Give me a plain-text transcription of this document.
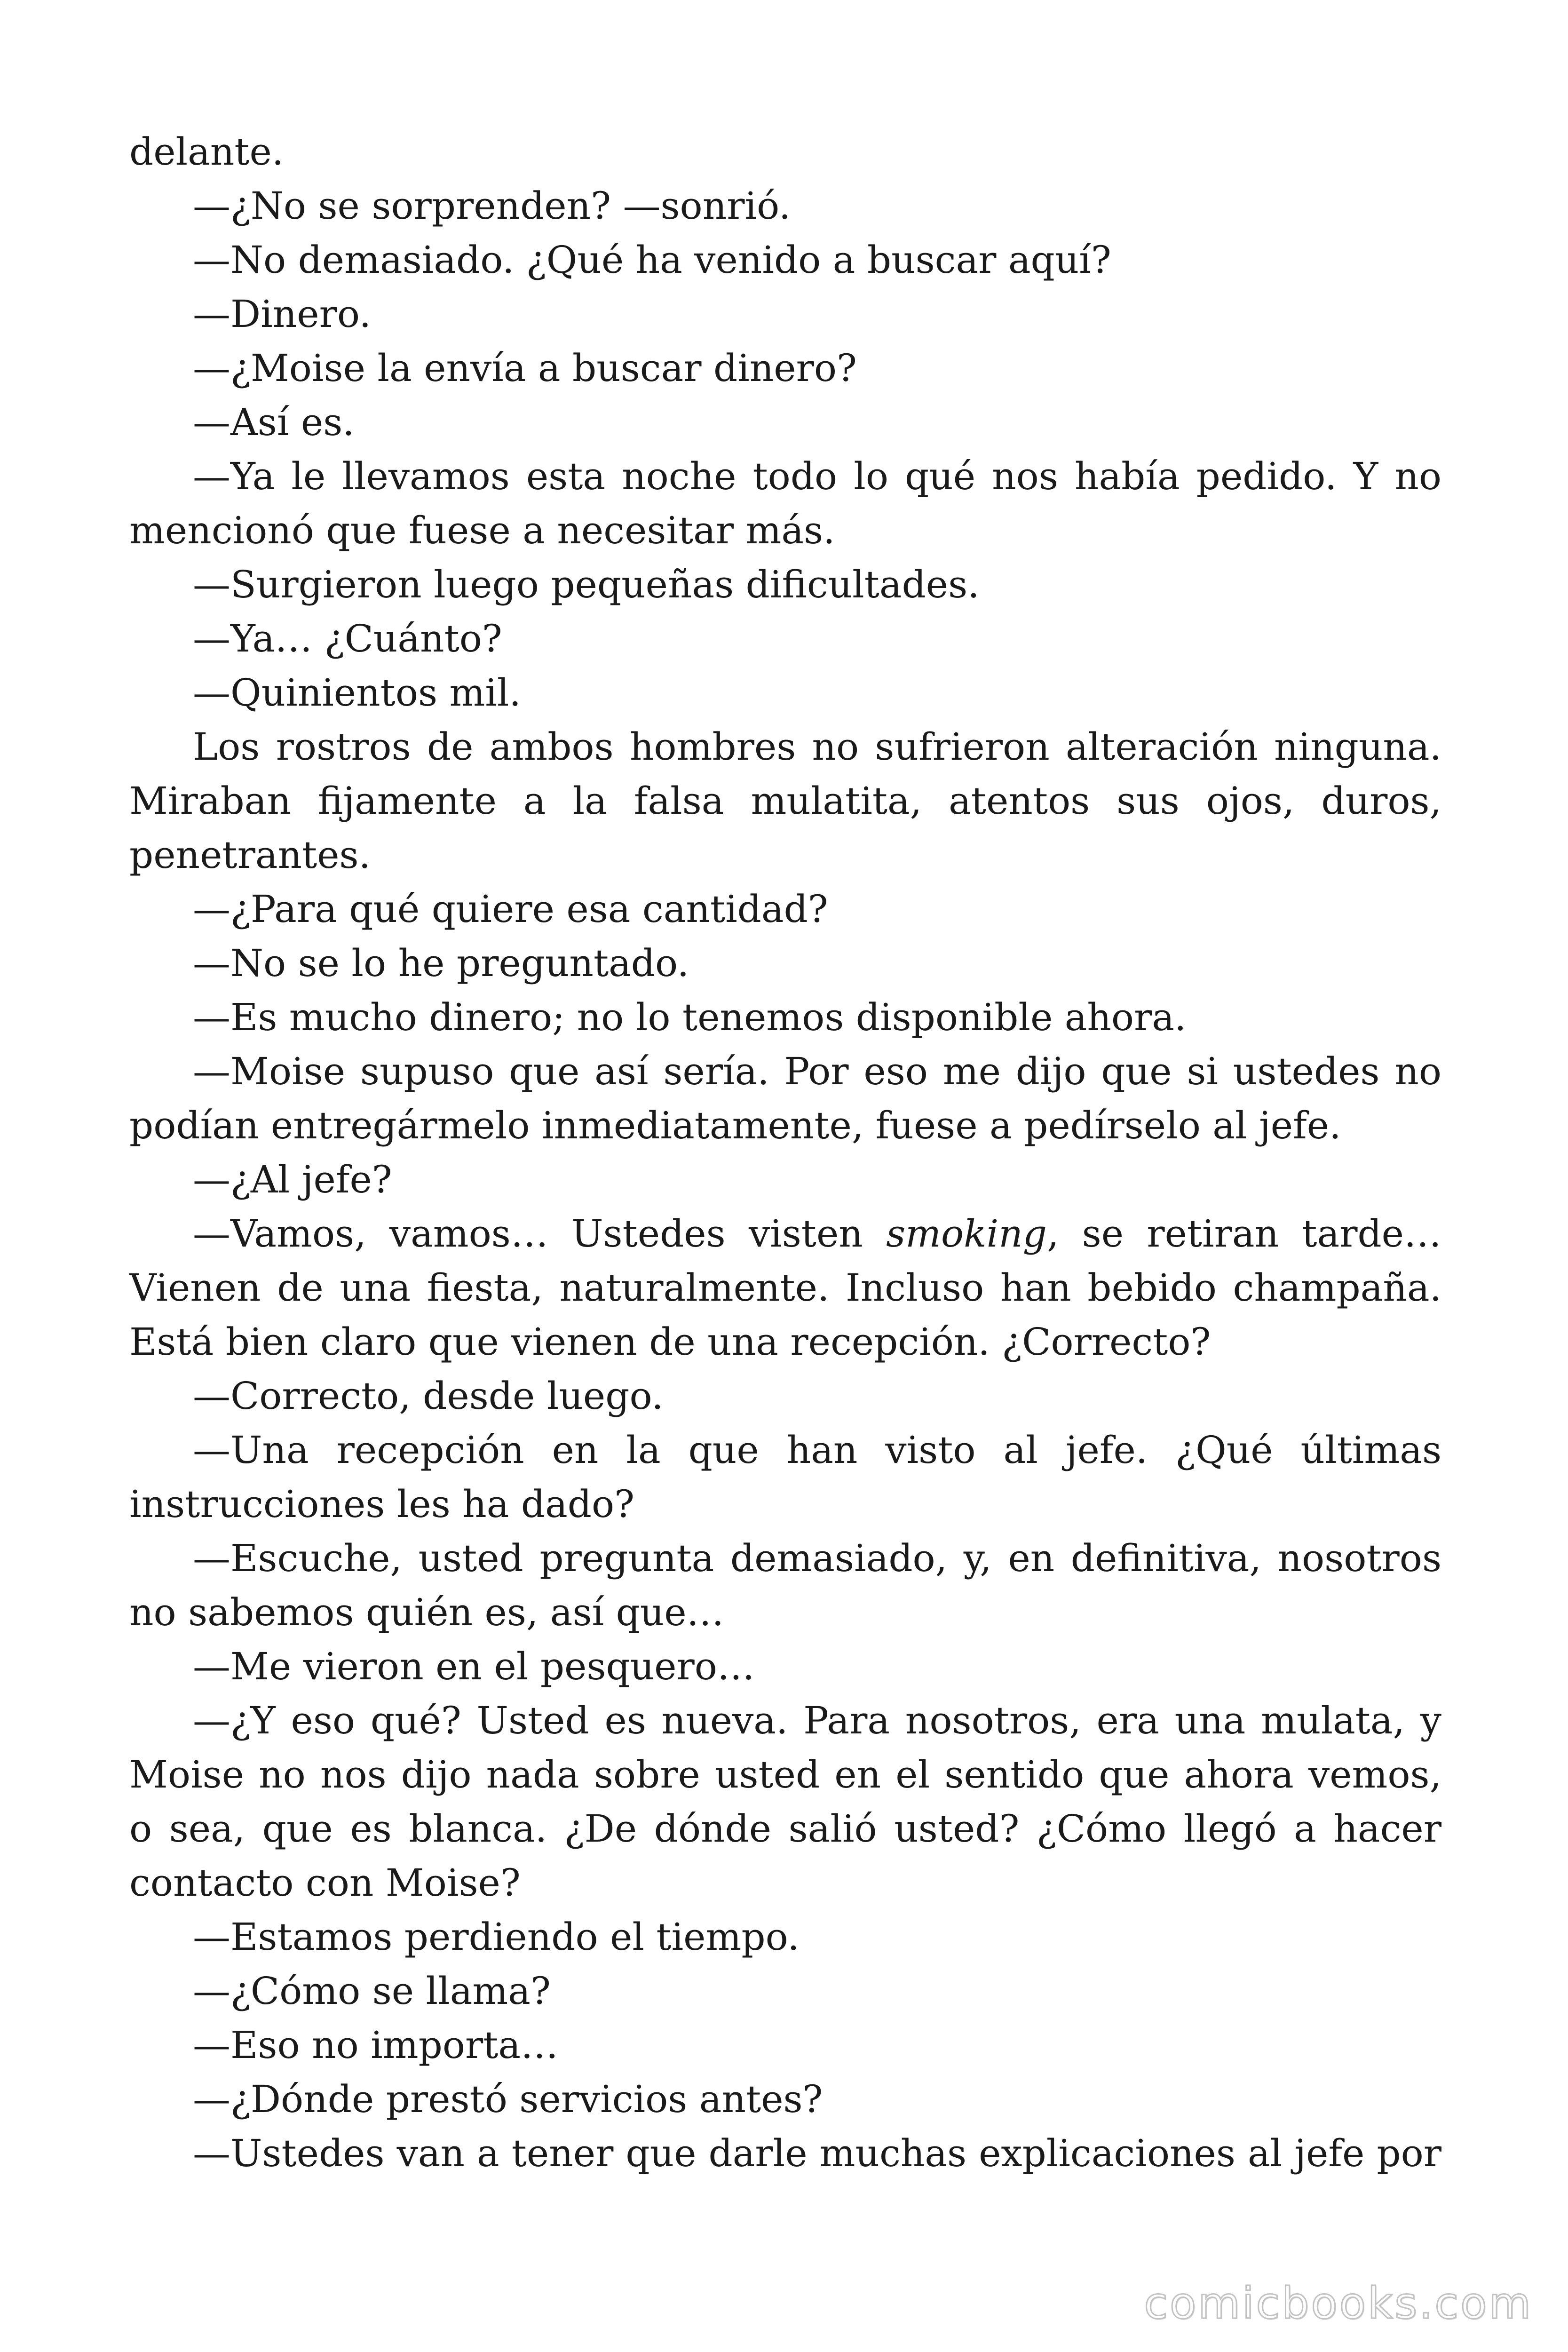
delante.

—¿No se sorprenden? —sonrió.

—No demasiado. ¿Qué ha venido a buscar aquí?

—Dinero.

—¿Moise la envía a buscar dinero?

—Así es.

—Ya le llevamos esta noche todo lo qué nos había pedido. Y no mencionó que fuese a necesitar más.

—Surgieron luego pequeñas dificultades.

—Ya… ¿Cuánto?

—Quinientos mil.

Los rostros de ambos hombres no sufrieron alteración ninguna. Miraban fijamente a la falsa mulatita, atentos sus ojos, duros, penetrantes.

—¿Para qué quiere esa cantidad?

—No se lo he preguntado.

—Es mucho dinero; no lo tenemos disponible ahora.

—Moise supuso que así sería. Por eso me dijo que si ustedes no podían entregármelo inmediatamente, fuese a pedírselo al jefe.

—¿Al jefe?

—Vamos, vamos… Ustedes visten smoking, se retiran tarde… Vienen de una fiesta, naturalmente. Incluso han bebido champaña. Está bien claro que vienen de una recepción. ¿Correcto?

—Correcto, desde luego.

—Una recepción en la que han visto al jefe. ¿Qué últimas instrucciones les ha dado?

—Escuche, usted pregunta demasiado, y, en definitiva, nosotros no sabemos quién es, así que…

—Me vieron en el pesquero…

—¿Y eso qué? Usted es nueva. Para nosotros, era una mulata, y Moise no nos dijo nada sobre usted en el sentido que ahora vemos, o sea, que es blanca. ¿De dónde salió usted? ¿Cómo llegó a hacer contacto con Moise?

—Estamos perdiendo el tiempo.

—¿Cómo se llama?

—Eso no importa…

—¿Dónde prestó servicios antes?

—Ustedes van a tener que darle muchas explicaciones al jefe por

comicbooks.com
